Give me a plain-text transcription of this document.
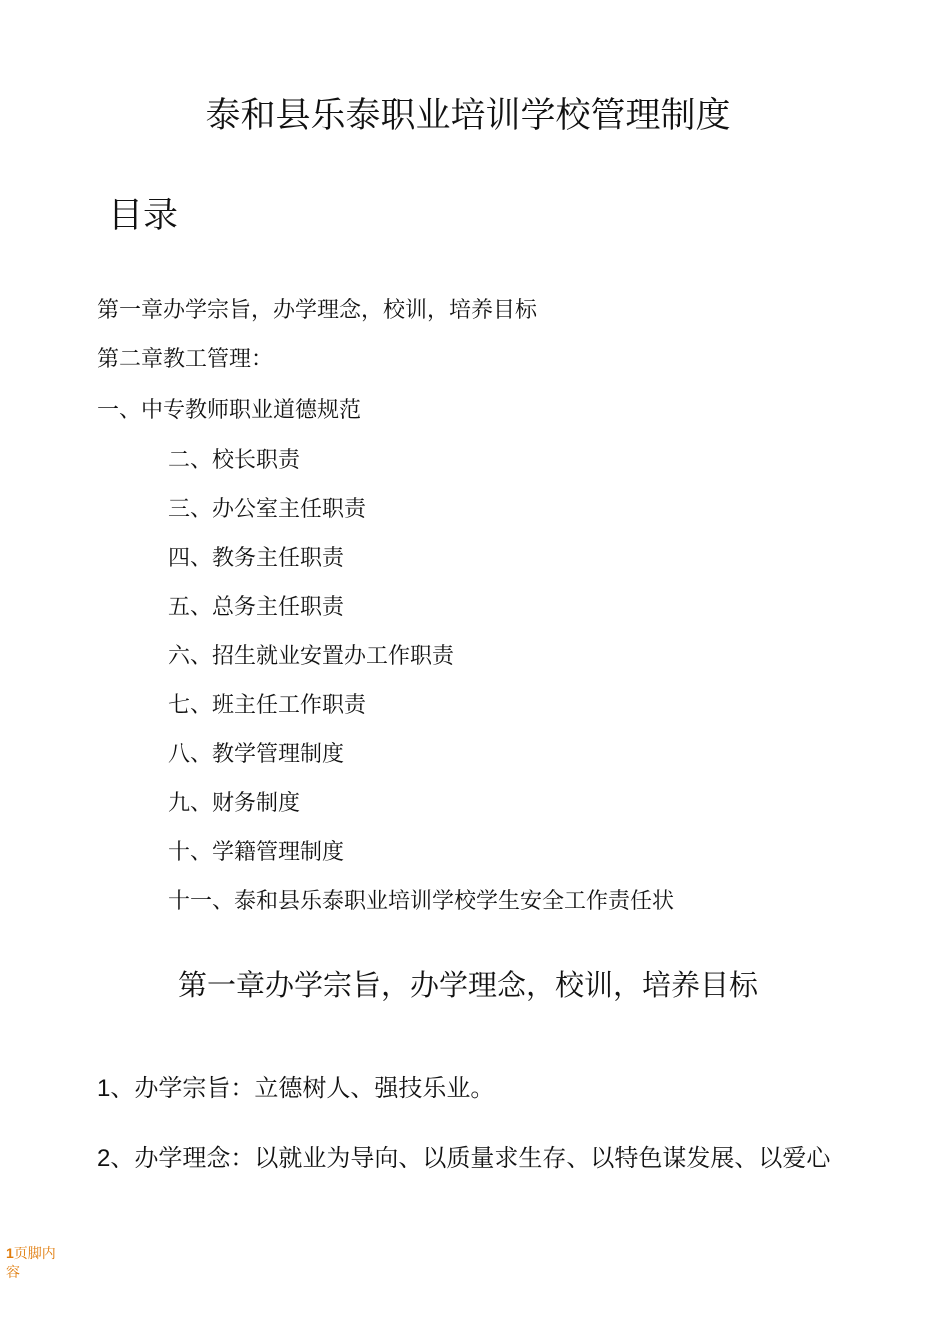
泰和县乐泰职业培训学校管理制度
目录
第一章办学宗旨，办学理念，校训，培养目标
第二章教工管理：
一、中专教师职业道德规范
二、校长职责
三、办公室主任职责
四、教务主任职责
五、总务主任职责
六、招生就业安置办工作职责
七、班主任工作职责
八、教学管理制度
九、财务制度
十、学籍管理制度
十一、泰和县乐泰职业培训学校学生安全工作责任状
第一章办学宗旨，办学理念，校训，培养目标
1、办学宗旨：立德树人、强技乐业。
2、办学理念：以就业为导向、以质量求生存、以特色谋发展、以爱心
1页脚内容
